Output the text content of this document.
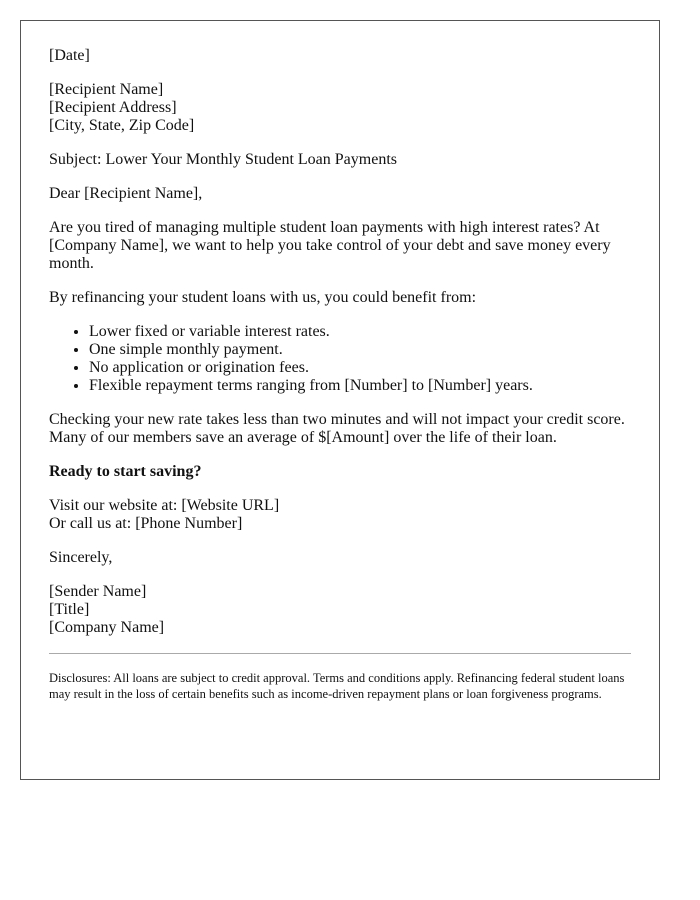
[Date]
[Recipient Name]
[Recipient Address]
[City, State, Zip Code]

Subject: Lower Your Monthly Student Loan Payments

Dear [Recipient Name],

Are you tired of managing multiple student loan payments with high interest rates? At [Company Name], we want to help you take control of your debt and save money every month.

By refinancing your student loans with us, you could benefit from:

• Lower fixed or variable interest rates.
• One simple monthly payment.
• No application or origination fees.
• Flexible repayment terms ranging from [Number] to [Number] years.

Checking your new rate takes less than two minutes and will not impact your credit score. Many of our members save an average of $[Amount] over the life of their loan.

Ready to start saving?

Visit our website at: [Website URL]
Or call us at: [Phone Number]

Sincerely,

[Sender Name]
[Title]
[Company Name]

Disclosures: All loans are subject to credit approval. Terms and conditions apply. Refinancing federal student loans may result in the loss of certain benefits such as income-driven repayment plans or loan forgiveness programs.
